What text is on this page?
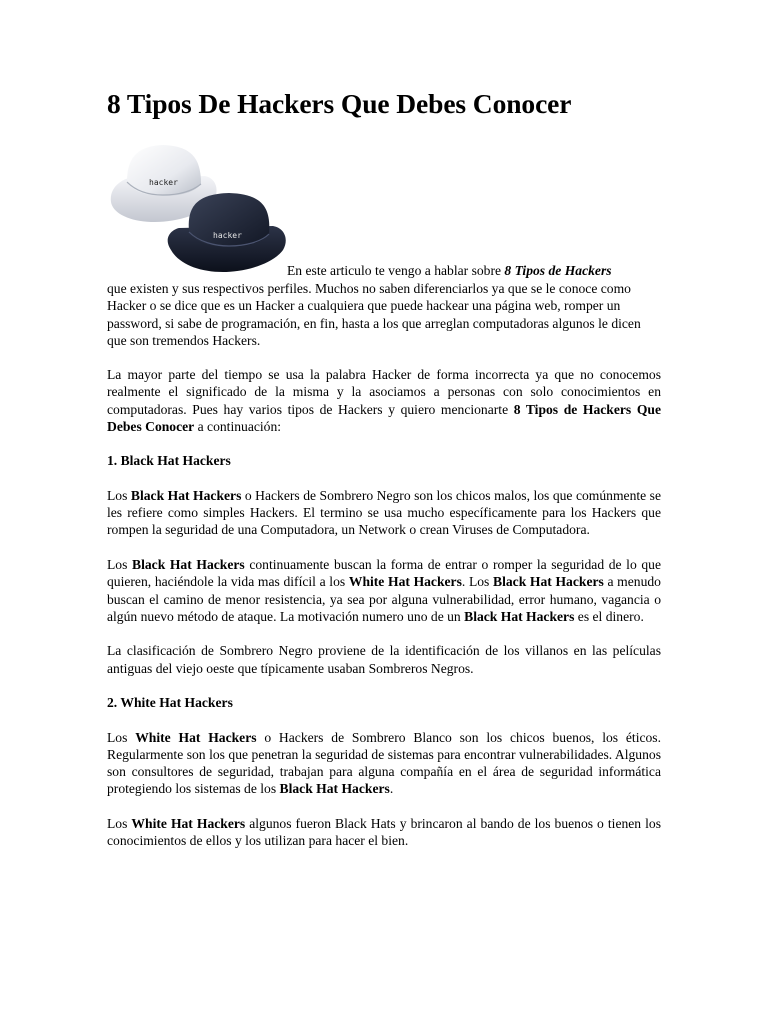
8 Tipos De Hackers Que Debes Conocer
hacker
hacker
En este articulo te vengo a hablar sobre 8 Tipos de Hackers
que existen y sus respectivos perfiles. Muchos no saben diferenciarlos ya que se le conoce como Hacker o se dice que es un Hacker a cualquiera que puede hackear una página web, romper un password, si sabe de programación, en fin, hasta a los que arreglan computadoras algunos le dicen que son tremendos Hackers.

La mayor parte del tiempo se usa la palabra Hacker de forma incorrecta ya que no conocemos realmente el significado de la misma y la asociamos a personas con solo conocimientos en computadoras. Pues hay varios tipos de Hackers y quiero mencionarte 8 Tipos de Hackers Que Debes Conocer a continuación:

1. Black Hat Hackers

Los Black Hat Hackers o Hackers de Sombrero Negro son los chicos malos, los que comúnmente se les refiere como simples Hackers. El termino se usa mucho específicamente para los Hackers que rompen la seguridad de una Computadora, un Network o crean Viruses de Computadora.

Los Black Hat Hackers continuamente buscan la forma de entrar o romper la seguridad de lo que quieren, haciéndole la vida mas difícil a los White Hat Hackers. Los Black Hat Hackers a menudo buscan el camino de menor resistencia, ya sea por alguna vulnerabilidad, error humano, vagancia o algún nuevo método de ataque. La motivación numero uno de un Black Hat Hackers es el dinero.

La clasificación de Sombrero Negro proviene de la identificación de los villanos en las películas antiguas del viejo oeste que típicamente usaban Sombreros Negros.

2. White Hat Hackers

Los White Hat Hackers o Hackers de Sombrero Blanco son los chicos buenos, los éticos. Regularmente son los que penetran la seguridad de sistemas para encontrar vulnerabilidades. Algunos son consultores de seguridad, trabajan para alguna compañía en el área de seguridad informática protegiendo los sistemas de los Black Hat Hackers.

Los White Hat Hackers algunos fueron Black Hats y brincaron al bando de los buenos o tienen los conocimientos de ellos y los utilizan para hacer el bien.
